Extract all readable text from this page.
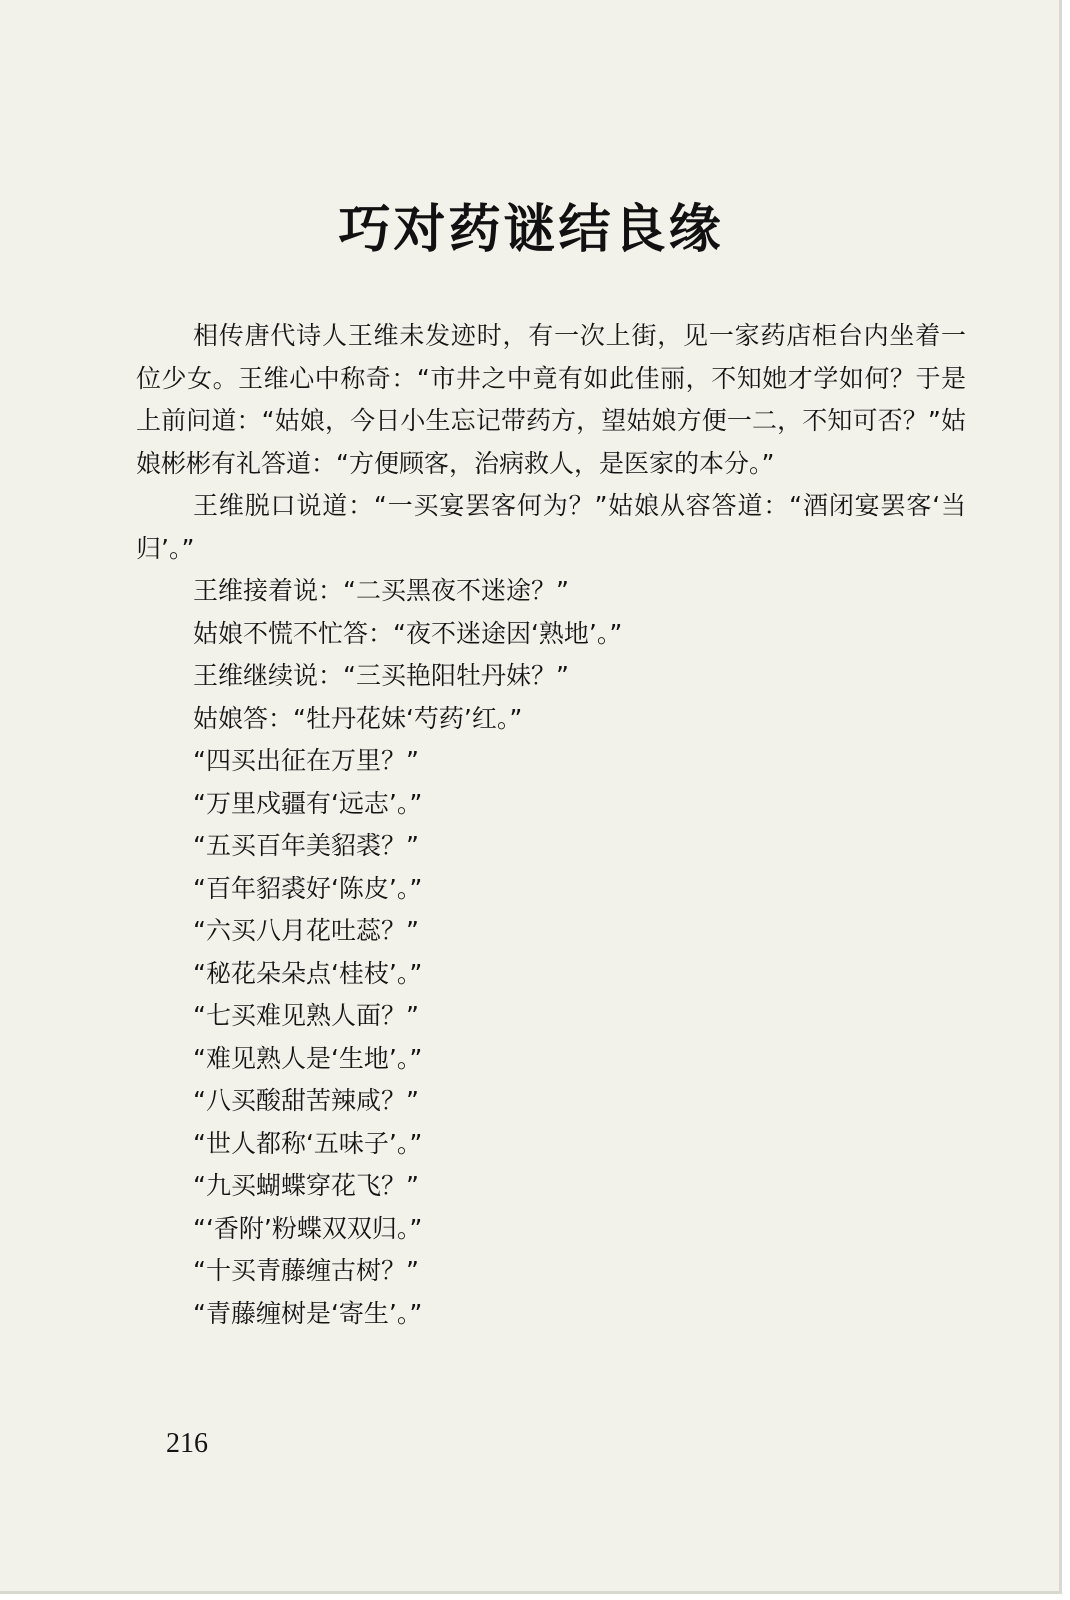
巧对药谜结良缘

相传唐代诗人王维未发迹时，有一次上街，见一家药店柜台内坐着一位少女。王维心中称奇：“市井之中竟有如此佳丽，不知她才学如何？于是上前问道：“姑娘，今日小生忘记带药方，望姑娘方便一二，不知可否？”姑娘彬彬有礼答道：“方便顾客，治病救人，是医家的本分。”

王维脱口说道：“一买宴罢客何为？”姑娘从容答道：“酒闭宴罢客‘当归’。”

王维接着说：“二买黑夜不迷途？”

姑娘不慌不忙答：“夜不迷途因‘熟地’。”

王维继续说：“三买艳阳牡丹妹？”

姑娘答：“牡丹花妹‘芍药’红。”

“四买出征在万里？”

“万里戍疆有‘远志’。”

“五买百年美貂裘？”

“百年貂裘好‘陈皮’。”

“六买八月花吐蕊？”

“秘花朵朵点‘桂枝’。”

“七买难见熟人面？”

“难见熟人是‘生地’。”

“八买酸甜苦辣咸？”

“世人都称‘五味子’。”

“九买蝴蝶穿花飞？”

“‘香附’粉蝶双双归。”

“十买青藤缠古树？”

“青藤缠树是‘寄生’。”

216
